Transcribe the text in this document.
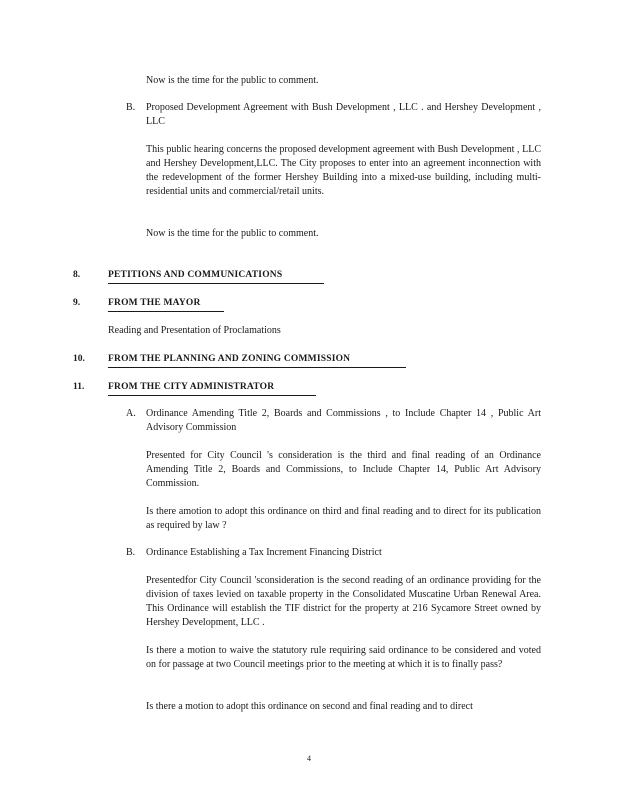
Now is the time for the public to comment.
B. Proposed Development Agreement with Bush Development , LLC . and Hershey Development , LLC
This public hearing concerns the proposed development agreement with Bush Development , LLC and Hershey Development,LLC. The City proposes to enter into an agreement inconnection with the redevelopment of the former Hershey Building into a mixed-use building, including multi-residential units and commercial/retail units.
Now is the time for the public to comment.
8.	PETITIONS AND COMMUNICATIONS
9.	FROM THE MAYOR
Reading and Presentation of Proclamations
10. FROM THE PLANNING AND ZONING COMMISSION
11. FROM THE CITY ADMINISTRATOR
A. Ordinance Amending Title 2, Boards and Commissions , to Include Chapter 14 , Public Art Advisory Commission
Presented for City Council 's consideration is the third and final reading of an Ordinance Amending Title 2, Boards and Commissions, to Include Chapter 14, Public Art Advisory Commission.
Is there amotion to adopt this ordinance on third and final reading and to direct for its publication as required by law ?
B. Ordinance Establishing a Tax Increment Financing District
Presentedfor City Council 'sconsideration is the second reading of an ordinance providing for the division of taxes levied on taxable property in the Consolidated Muscatine Urban Renewal Area. This Ordinance will establish the TIF district for the property at 216 Sycamore Street owned by Hershey Development, LLC .
Is there a motion to waive the statutory rule requiring said ordinance to be considered and voted on for passage at two Council meetings prior to the meeting at which it is to finally pass?
Is there a motion to adopt this ordinance on second and final reading and to direct
4
